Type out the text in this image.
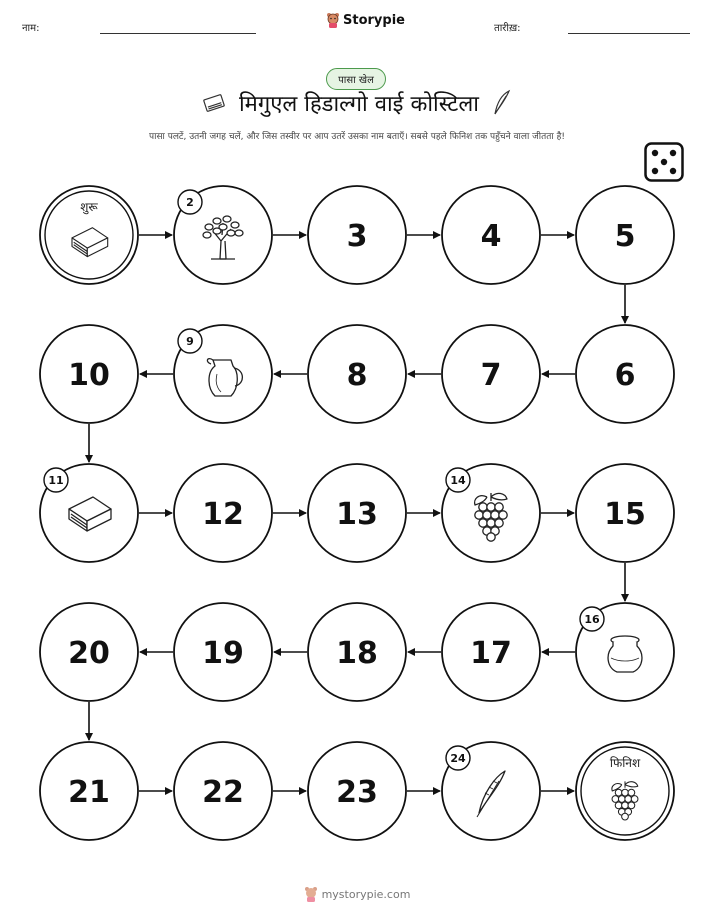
नाम:
Storypie
तारीख़:
पासा खेल
मिगुएल हिडाल्गो वाई कोस्टिला
पासा पलटें, उतनी जगह चलें, और जिस तस्वीर पर आप उतरें उसका नाम बताएँ। सबसे पहले फिनिश तक पहुँचने वाला जीतता है!
शुरू	2
3	4	5
6
7
8
9
10
11
12	13
14
15
16
17
18
19
20
21	22	23
24	फिनिश
mystorypie.com
